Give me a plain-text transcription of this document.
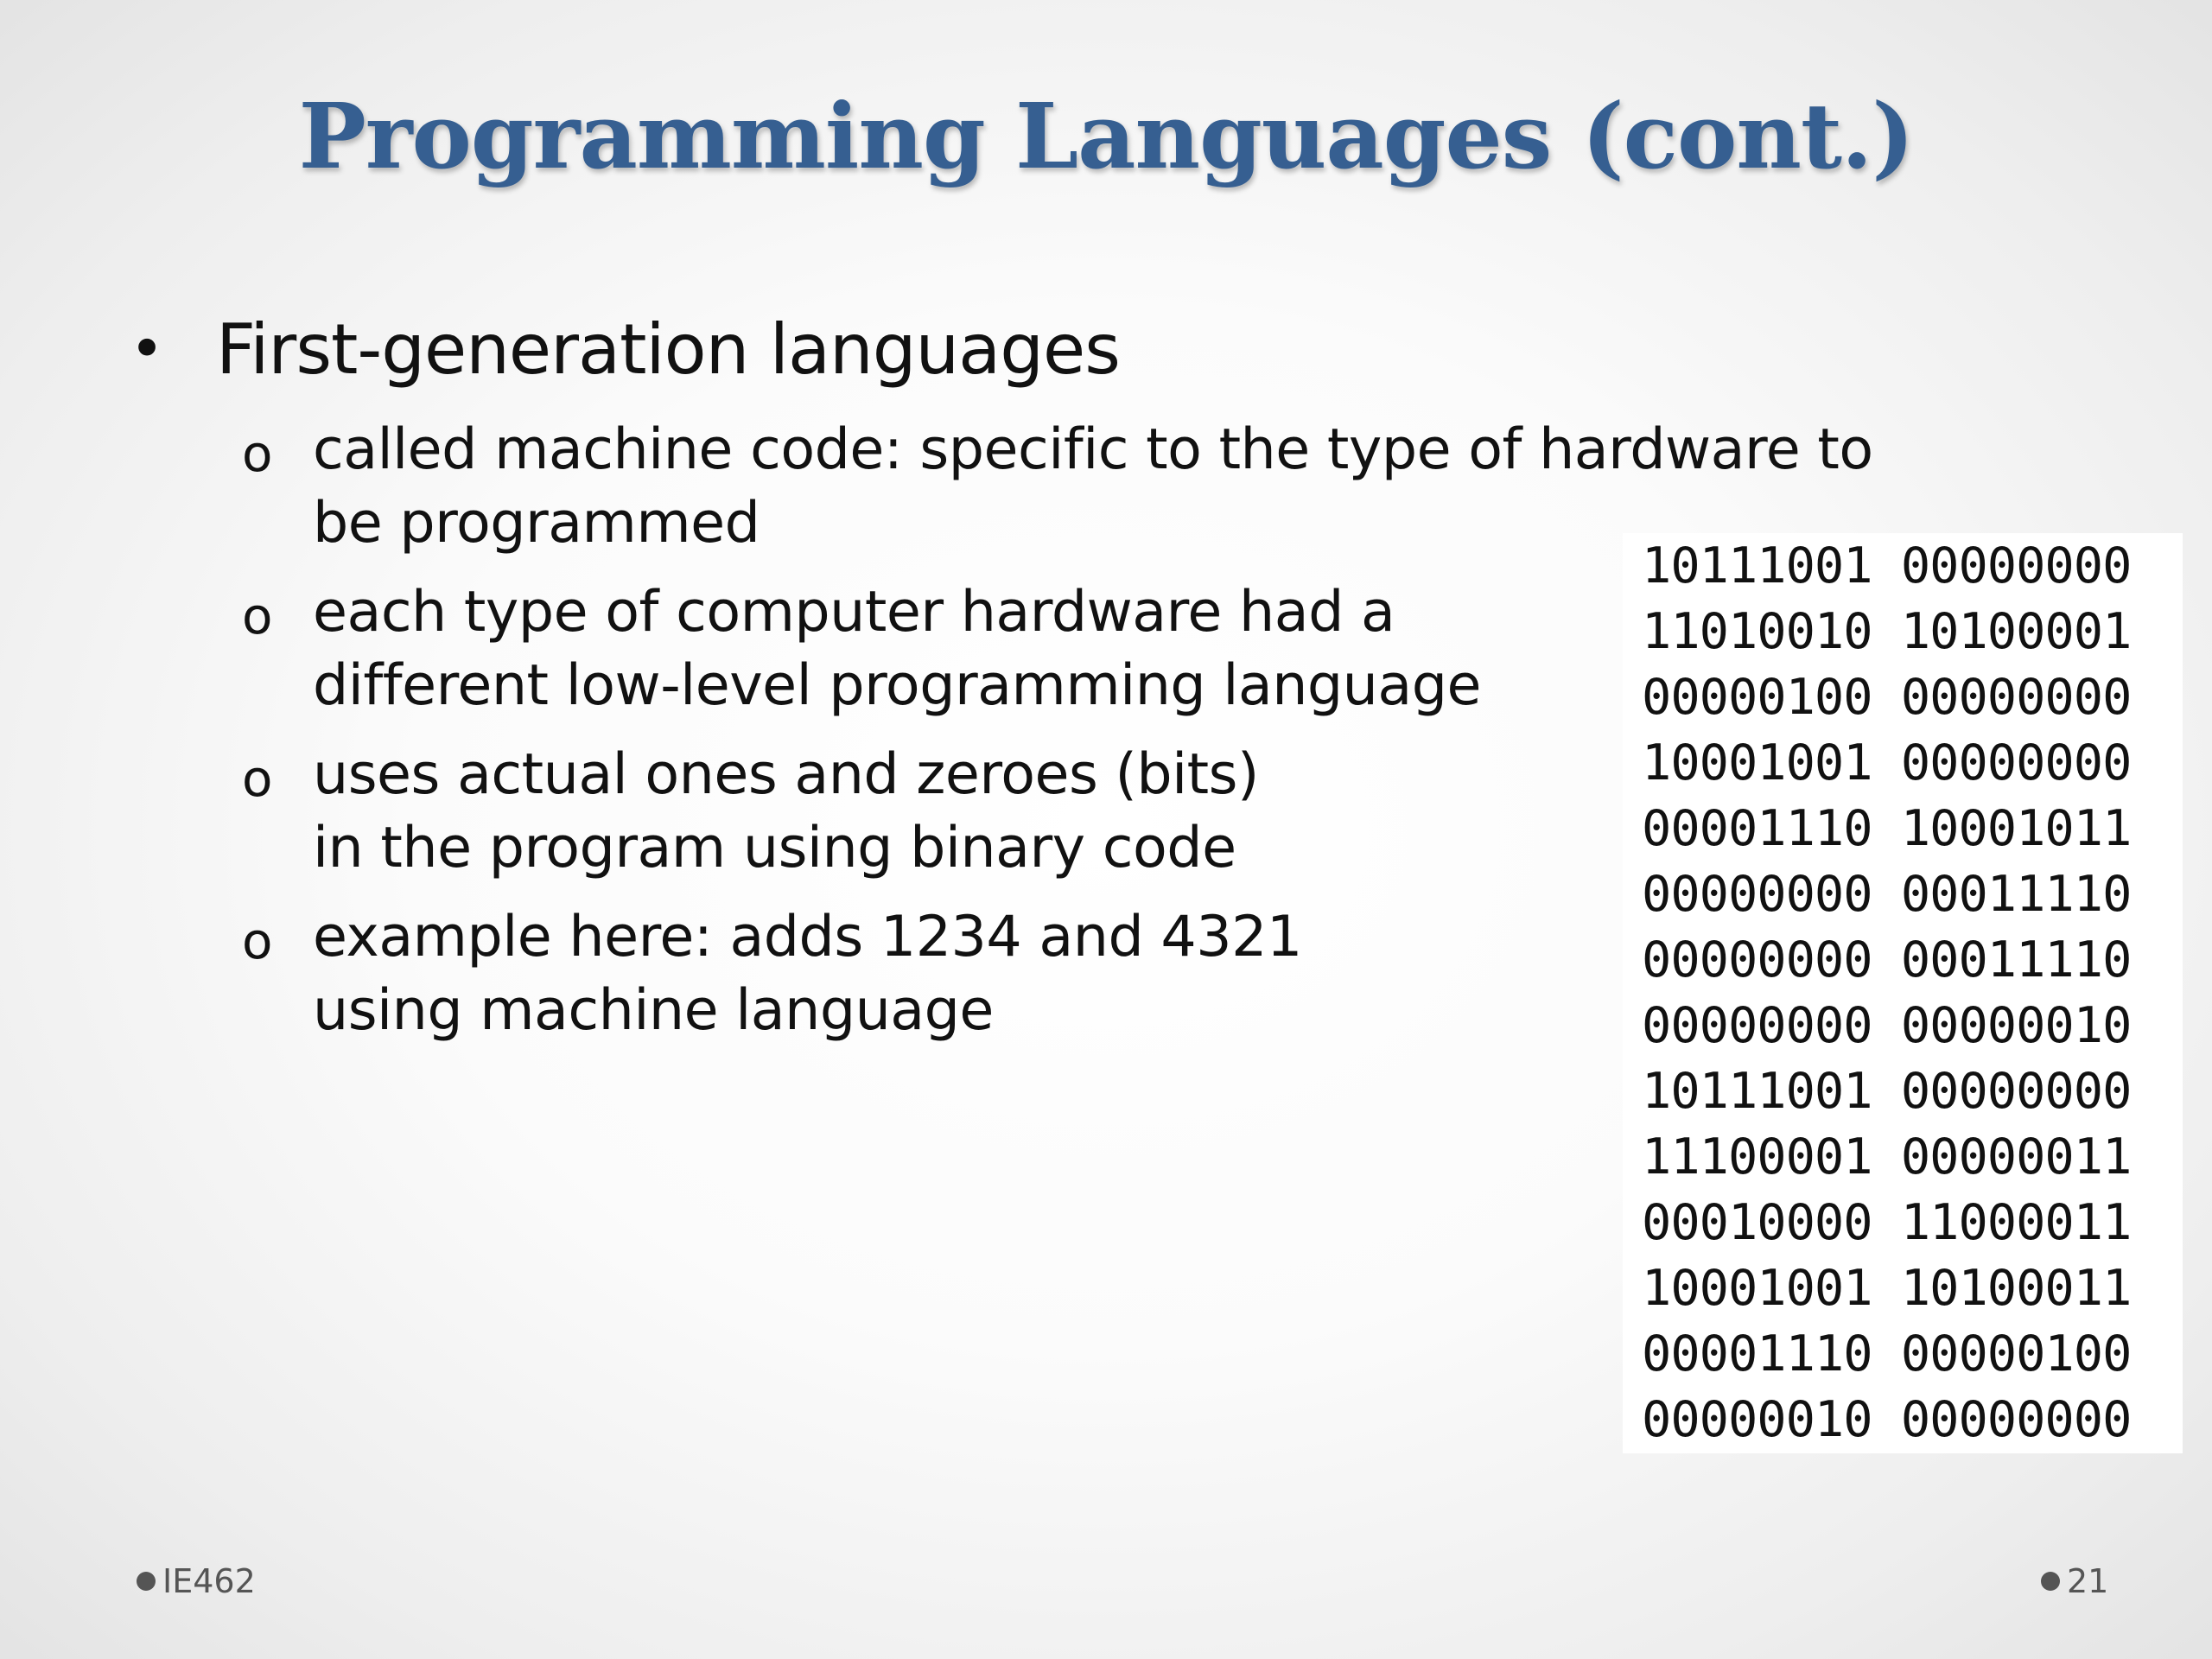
Programming Languages (cont.)
• First-generation languages
o called machine code: specific to the type of hardware to
be programmed
o each type of computer hardware had a
different low-level programming language
o uses actual ones and zeroes (bits)
in the program using binary code
o example here: adds 1234 and 4321
using machine language
10111001 00000000
11010010 10100001
00000100 00000000
10001001 00000000
00001110 10001011
00000000 00011110
00000000 00011110
00000000 00000010
10111001 00000000
11100001 00000011
00010000 11000011
10001001 10100011
00001110 00000100
00000010 00000000
IE462	21
